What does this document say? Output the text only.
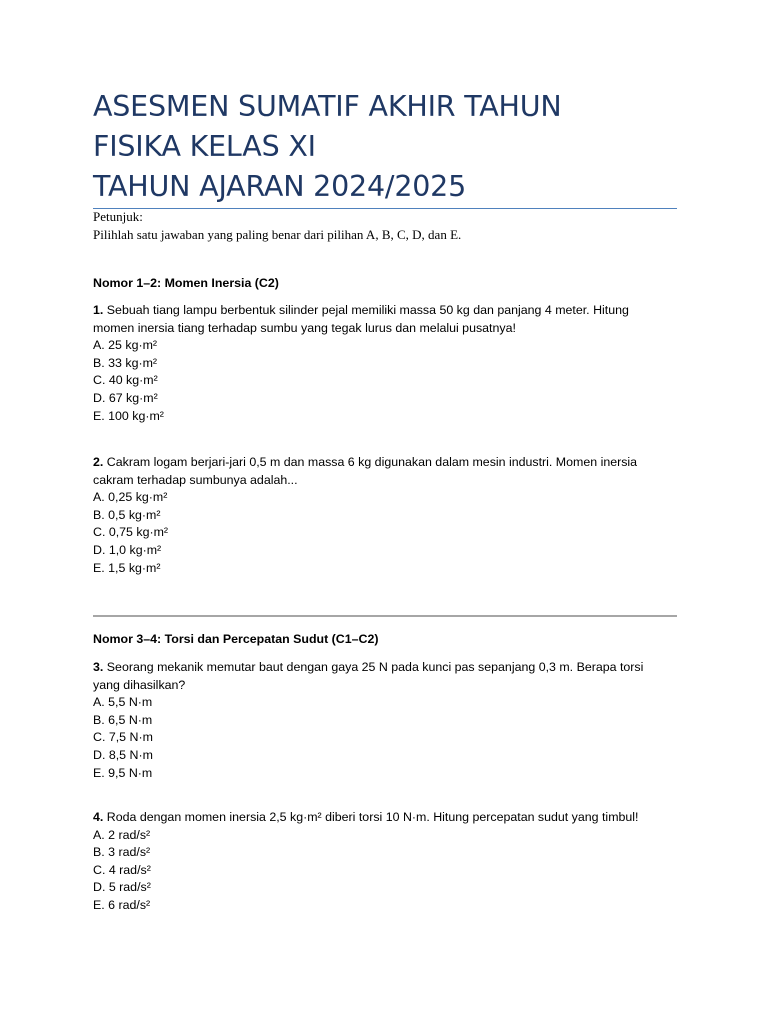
ASESMEN SUMATIF AKHIR TAHUN
FISIKA KELAS XI
TAHUN AJARAN 2024/2025
Petunjuk:
Pilihlah satu jawaban yang paling benar dari pilihan A, B, C, D, dan E.
Nomor 1–2: Momen Inersia (C2)
1. Sebuah tiang lampu berbentuk silinder pejal memiliki massa 50 kg dan panjang 4 meter. Hitung
momen inersia tiang terhadap sumbu yang tegak lurus dan melalui pusatnya!
A. 25 kg·m²
B. 33 kg·m²
C. 40 kg·m²
D. 67 kg·m²
E. 100 kg·m²
2. Cakram logam berjari-jari 0,5 m dan massa 6 kg digunakan dalam mesin industri. Momen inersia
cakram terhadap sumbunya adalah...
A. 0,25 kg·m²
B. 0,5 kg·m²
C. 0,75 kg·m²
D. 1,0 kg·m²
E. 1,5 kg·m²
Nomor 3–4: Torsi dan Percepatan Sudut (C1–C2)
3. Seorang mekanik memutar baut dengan gaya 25 N pada kunci pas sepanjang 0,3 m. Berapa torsi
yang dihasilkan?
A. 5,5 N·m
B. 6,5 N·m
C. 7,5 N·m
D. 8,5 N·m
E. 9,5 N·m
4. Roda dengan momen inersia 2,5 kg·m² diberi torsi 10 N·m. Hitung percepatan sudut yang timbul!
A. 2 rad/s²
B. 3 rad/s²
C. 4 rad/s²
D. 5 rad/s²
E. 6 rad/s²
